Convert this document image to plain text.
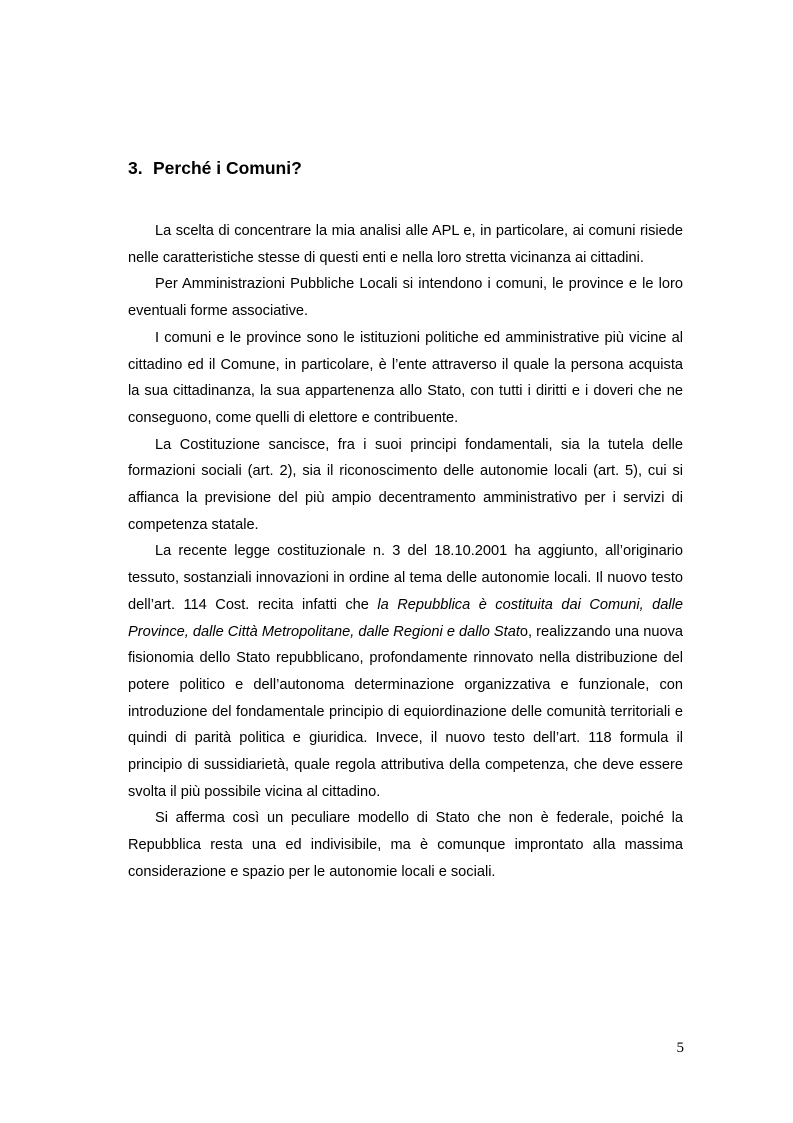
3. Perché i Comuni?

La scelta di concentrare la mia analisi alle APL e, in particolare, ai comuni risiede nelle caratteristiche stesse di questi enti e nella loro stretta vicinanza ai cittadini.

Per Amministrazioni Pubbliche Locali si intendono i comuni, le province e le loro eventuali forme associative.

I comuni e le province sono le istituzioni politiche ed amministrative più vicine al cittadino ed il Comune, in particolare, è l’ente attraverso il quale la persona acquista la sua cittadinanza, la sua appartenenza allo Stato, con tutti i diritti e i doveri che ne conseguono, come quelli di elettore e contribuente.

La Costituzione sancisce, fra i suoi principi fondamentali, sia la tutela delle formazioni sociali (art. 2), sia il riconoscimento delle autonomie locali (art. 5), cui si affianca la previsione del più ampio decentramento amministrativo per i servizi di competenza statale.

La recente legge costituzionale n. 3 del 18.10.2001 ha aggiunto, all’originario tessuto, sostanziali innovazioni in ordine al tema delle autonomie locali. Il nuovo testo dell’art. 114 Cost. recita infatti che la Repubblica è costituita dai Comuni, dalle Province, dalle Città Metropolitane, dalle Regioni e dallo Stato, realizzando una nuova fisionomia dello Stato repubblicano, profondamente rinnovato nella distribuzione del potere politico e dell’autonoma determinazione organizzativa e funzionale, con introduzione del fondamentale principio di equiordinazione delle comunità territoriali e quindi di parità politica e giuridica. Invece, il nuovo testo dell’art. 118 formula il principio di sussidiarietà, quale regola attributiva della competenza, che deve essere svolta il più possibile vicina al cittadino.

Si afferma così un peculiare modello di Stato che non è federale, poiché la Repubblica resta una ed indivisibile, ma è comunque improntato alla massima considerazione e spazio per le autonomie locali e sociali.

5
